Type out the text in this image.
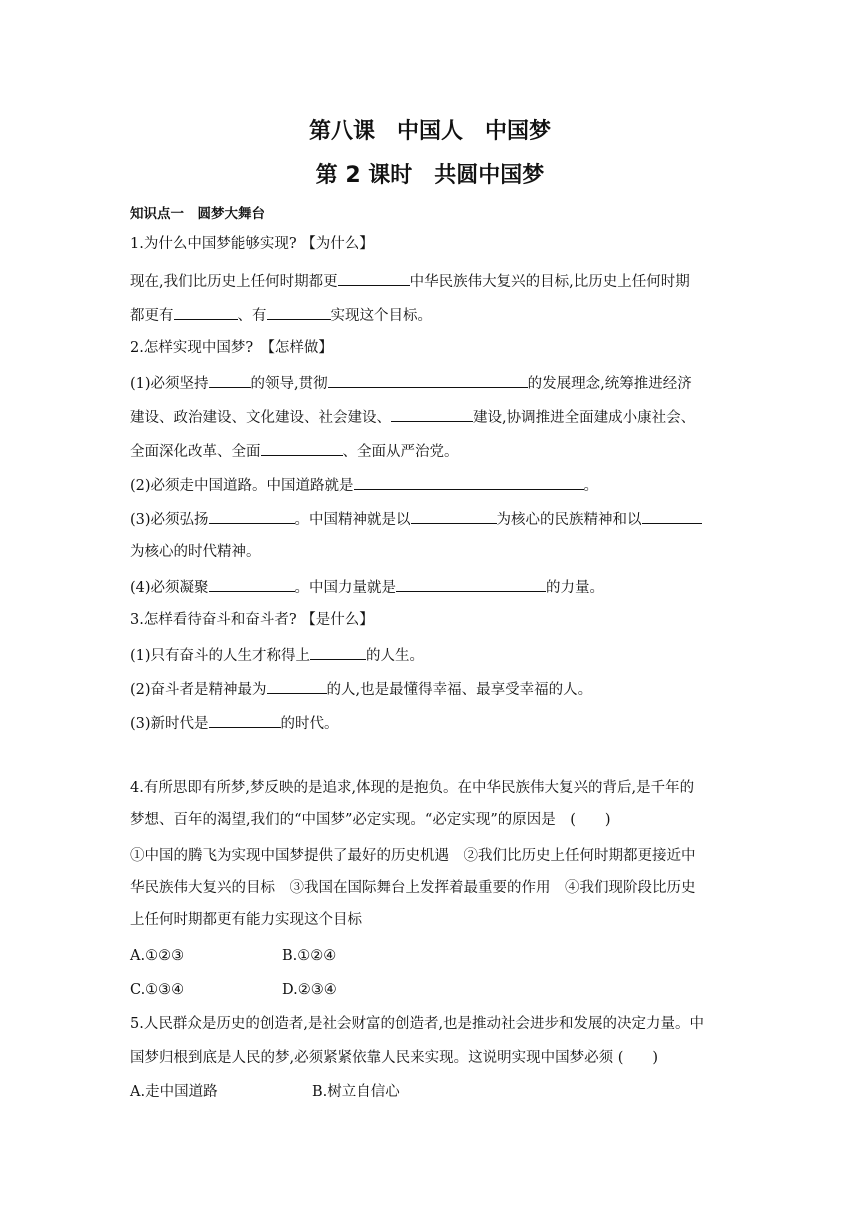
第八课　中国人　中国梦
第 2 课时　共圆中国梦
知识点一　圆梦大舞台
1.为什么中国梦能够实现? 【为什么】
现在,我们比历史上任何时期都更	中华民族伟大复兴的目标,比历史上任何时期
都更有	、有	实现这个目标。
2.怎样实现中国梦?　【怎样做】
(1)必须坚持	的领导,贯彻	的发展理念,统筹推进经济
建设、政治建设、文化建设、社会建设、	建设,协调推进全面建成小康社会、
全面深化改革、全面	、全面从严治党。
(2)必须走中国道路。中国道路就是	。
(3)必须弘扬	。中国精神就是以	为核心的民族精神和以
为核心的时代精神。
(4)必须凝聚	。中国力量就是	的力量。
3.怎样看待奋斗和奋斗者? 【是什么】
(1)只有奋斗的人生才称得上	的人生。
(2)奋斗者是精神最为	的人,也是最懂得幸福、最享受幸福的人。
(3)新时代是	的时代。
4.有所思即有所梦,梦反映的是追求,体现的是抱负。在中华民族伟大复兴的背后,是千年的
梦想、百年的渴望,我们的“中国梦”必定实现。“必定实现”的原因是　(　　)
①中国的腾飞为实现中国梦提供了最好的历史机遇　②我们比历史上任何时期都更接近中
华民族伟大复兴的目标　③我国在国际舞台上发挥着最重要的作用　④我们现阶段比历史
上任何时期都更有能力实现这个目标
A.①②③	B.①②④
C.①③④	D.②③④
5.人民群众是历史的创造者,是社会财富的创造者,也是推动社会进步和发展的决定力量。中
国梦归根到底是人民的梦,必须紧紧依靠人民来实现。这说明实现中国梦必须 (　　)
A.走中国道路	B.树立自信心
